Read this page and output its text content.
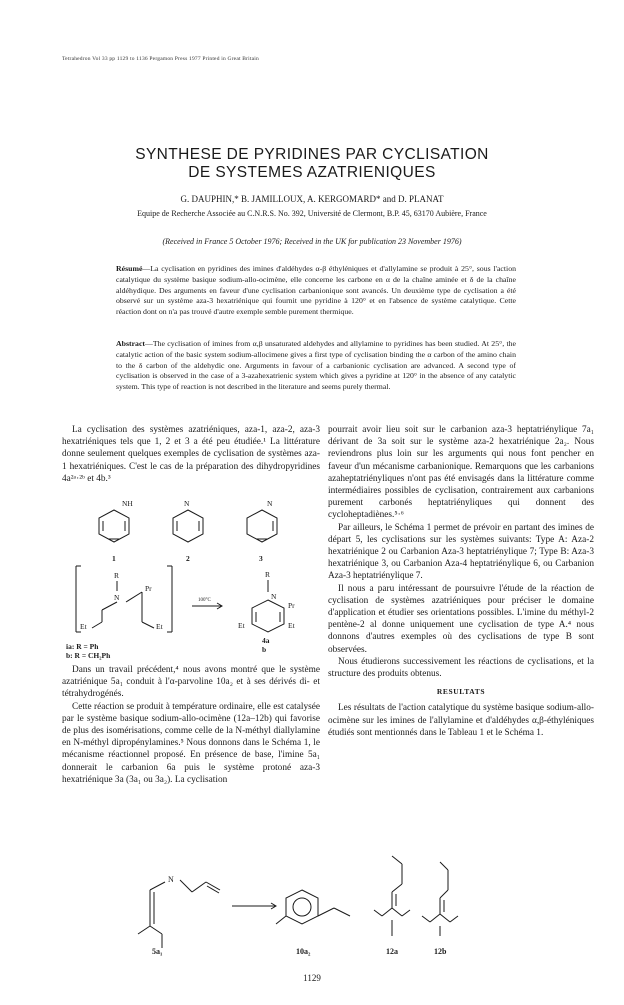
Tetrahedron Vol 33 pp 1129 to 1136 Pergamon Press 1977 Printed in Great Britain
SYNTHESE DE PYRIDINES PAR CYCLISATION
DE SYSTEMES AZATRIENIQUES
G. DAUPHIN,* B. JAMILLOUX, A. KERGOMARD* and D. PLANAT
Equipe de Recherche Associée au C.N.R.S. No. 392, Université de Clermont, B.P. 45, 63170 Aubière, France
(Received in France 5 October 1976; Received in the UK for publication 23 November 1976)
Résumé—La cyclisation en pyridines des imines d'aldéhydes α-β éthyléniques et d'allylamine se produit à 25°, sous l'action catalytique du système basique sodium-allo-ocimène, elle concerne les carbone en α de la chaîne aminée et δ de la chaîne aldéhydique. Des arguments en faveur d'une cyclisation carbanionique sont avancés. Un deuxième type de cyclisation a été observé sur un système aza-3 hexatriénique qui fournit une pyridine à 120° et en l'absence de système catalytique. Cette réaction dont on n'a pas trouvé d'autre exemple semble purement thermique.
Abstract—The cyclisation of imines from α,β unsaturated aldehydes and allylamine to pyridines has been studied. At 25°, the catalytic action of the basic system sodium-allocimene gives a first type of cyclisation binding the α carbon of the amino chain to the δ carbon of the aldehydic one. Arguments in favour of a carbanionic cyclisation are advanced. A second type of cyclisation is observed in the case of a 3-azahexatrienic system which gives a pyridine at 120° in the absence of any catalytic system. This type of reaction is not described in the literature and seems purely thermal.

La cyclisation des systèmes azatriéniques, aza-1, aza-2, aza-3 hexatriéniques tels que 1, 2 et 3 a été peu étudiée.¹ La littérature donne seulement quelques exemples de cyclisation de systèmes aza-1 hexatriéniques. C'est le cas de la préparation des dihydropyridines 4a²ᵃ·²ᵇ et 4b.³

NH	N	N
1	2	3
R
N
Pr
Et	Et
100°C
R
N
Pr
Et	Et
4a
b
ia: R = Ph
b: R = CH₂Ph

Dans un travail précédent,⁴ nous avons montré que le système azatriénique 5a₁ conduit à l'α-parvoline 10a₂ et à ses dérivés di- et tétrahydrogénés.

Cette réaction se produit à température ordinaire, elle est catalysée par le système basique sodium-allo-ocimène (12a–12b) qui favorise de plus des isomérisations, comme celle de la N-méthyl diallylamine en N-méthyl dipropénylamines.⁵ Nous donnons dans le Schéma 1, le mécanisme réactionnel proposé. En présence de base, l'imine 5a₁ donnerait le carbanion 6a puis le système protoné aza-3 hexatriénique 3a (3a₁ ou 3a₂). La cyclisation

pourrait avoir lieu soit sur le carbanion aza-3 heptatriénylique 7a₁ dérivant de 3a soit sur le système aza-2 hexatriénique 2a₂. Nous reviendrons plus loin sur les arguments qui nous font pencher en faveur d'un mécanisme carbanionique. Remarquons que les carbanions azaheptatriényliques n'ont pas été envisagés dans la littérature comme intermédiaires possibles de cyclisation, contrairement aux carbanions purement carbonés heptatriényliques qui donnent des cycloheptadiènes.⁵·⁶

Par ailleurs, le Schéma 1 permet de prévoir en partant des imines de départ 5, les cyclisations sur les systèmes suivants: Type A: Aza-2 hexatriénique 2 ou Carbanion Aza-3 heptatriénylique 7; Type B: Aza-3 hexatriénique 3, ou Carbanion Aza-4 heptatriénylique 6, ou Carbanion Aza-3 heptatriénylique 7.

Il nous a paru intéressant de poursuivre l'étude de la réaction de cyclisation de systèmes azatriéniques pour préciser le domaine d'application et étudier ses orientations possibles. L'imine du méthyl-2 pentène-2 al donne uniquement une cyclisation de type A.⁴ nous donnons d'autres exemples où des cyclisations de type B sont observées.

Nous étudierons successivement les réactions de cyclisations, et la structure des produits obtenus.

RESULTATS

Les résultats de l'action catalytique du système basique sodium-allo-ocimène sur les imines de l'allylamine et d'aldéhydes α,β-éthyléniques étudiés sont mentionnés dans le Tableau 1 et le Schéma 1.

N
5a₁	10a₂	12a	12b
1129
